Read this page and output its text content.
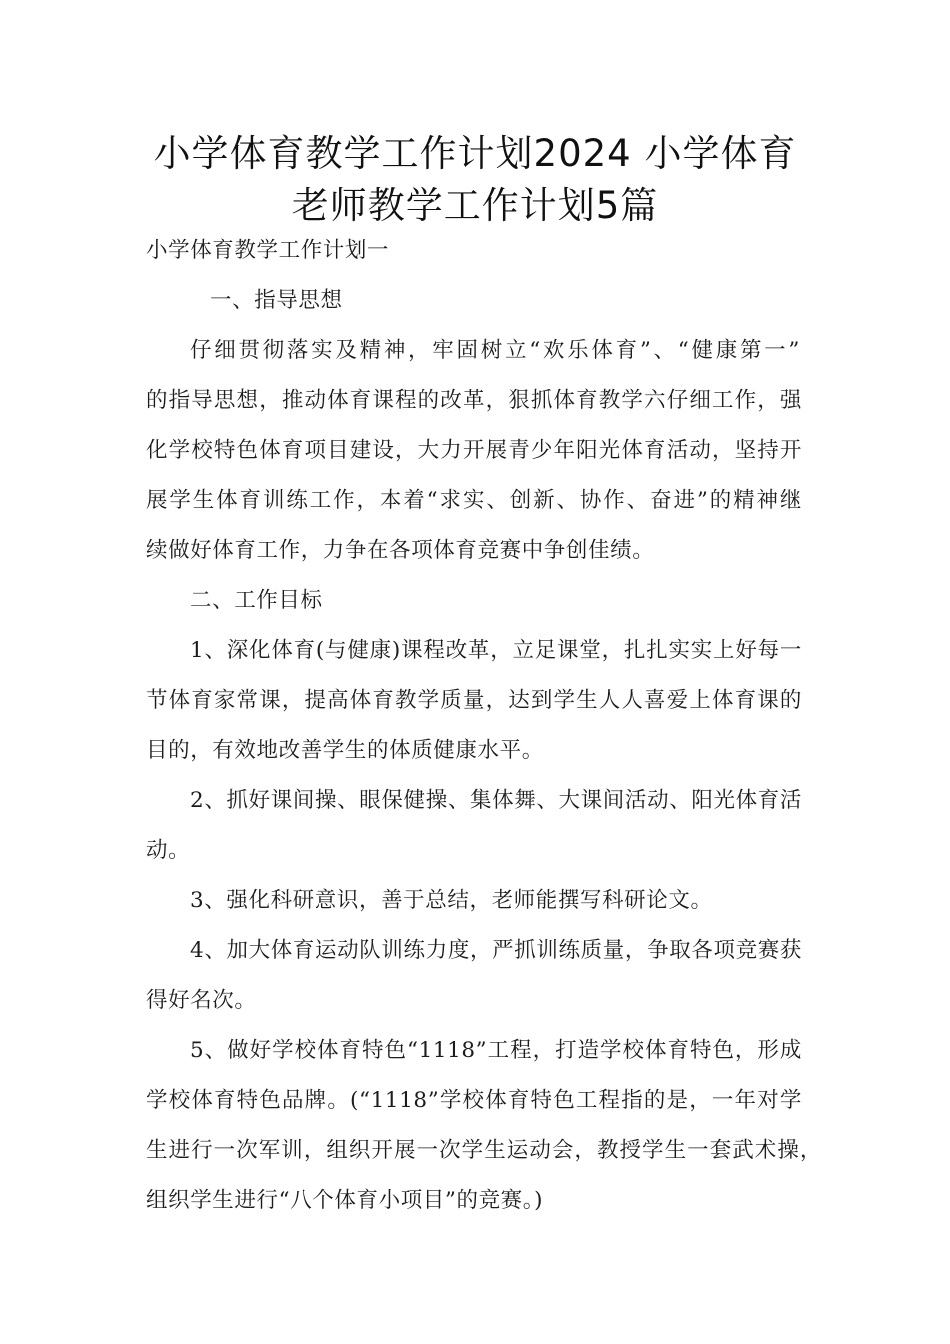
小学体育教学工作计划2024 小学体育
老师教学工作计划5篇
小学体育教学工作计划一
一、指导思想
仔细贯彻落实及精神，牢固树立“欢乐体育”、“健康第一”
的指导思想，推动体育课程的改革，狠抓体育教学六仔细工作，强
化学校特色体育项目建设，大力开展青少年阳光体育活动，坚持开
展学生体育训练工作，本着“求实、创新、协作、奋进”的精神继
续做好体育工作，力争在各项体育竞赛中争创佳绩。
二、工作目标
1、深化体育(与健康)课程改革，立足课堂，扎扎实实上好每一
节体育家常课，提高体育教学质量，达到学生人人喜爱上体育课的
目的，有效地改善学生的体质健康水平。
2、抓好课间操、眼保健操、集体舞、大课间活动、阳光体育活
动。
3、强化科研意识，善于总结，老师能撰写科研论文。
4、加大体育运动队训练力度，严抓训练质量，争取各项竞赛获
得好名次。
5、做好学校体育特色“1118”工程，打造学校体育特色，形成
学校体育特色品牌。(“1118”学校体育特色工程指的是，一年对学
生进行一次军训，组织开展一次学生运动会，教授学生一套武术操，
组织学生进行“八个体育小项目”的竞赛。)
